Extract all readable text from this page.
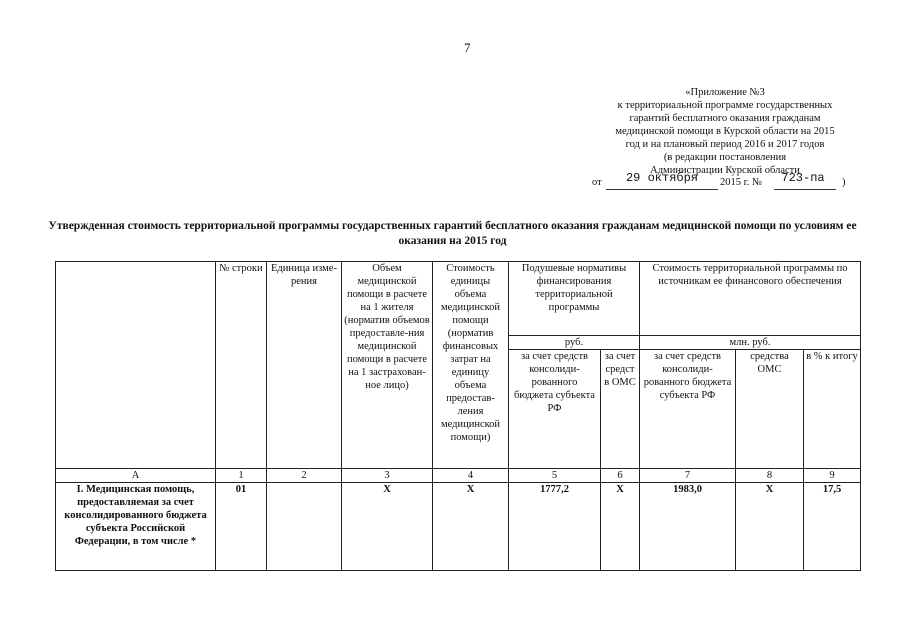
7
«Приложение №3
к территориальной программе государственных
гарантий бесплатного оказания гражданам
медицинской помощи в Курской области на 2015
год и на плановый период 2016 и 2017 годов
(в редакции постановления
Администрации Курской области
от	29 октября	2015 г. №	723-па	)
Утвержденная стоимость территориальной программы государственных гарантий бесплатного оказания гражданам медицинской помощи по условиям ее оказания на 2015 год

	№ строки	Единица изме-рения	Объем медицинской помощи в расчете на 1 жителя (норматив объемов предоставле-ния медицинской помощи в расчете на 1 застрахован-ное лицо)	Стоимость единицы объема медицинской помощи (норматив финансовых затрат на единицу объема предостав-ления медицинской помощи)	Подушевые нормативы финансирования территориальной программы		Стоимость территориальной программы по источникам ее финансового обеспечения		

					руб.		млн. руб.		

					за счет средств консолиди-рованного бюджета субъекта РФ	за счет средст в ОМС	за счет средств консолиди-рованного бюджета субъекта РФ	средства ОМС	в % к итогу

А	1	2	3	4	5	6	7	8	9
I. Медицинская помощь, предоставляемая за счет консолидированного бюджета субъекта Российской Федерации, в том числе *	01		Х	Х	1777,2	Х	1983,0	Х	17,5
